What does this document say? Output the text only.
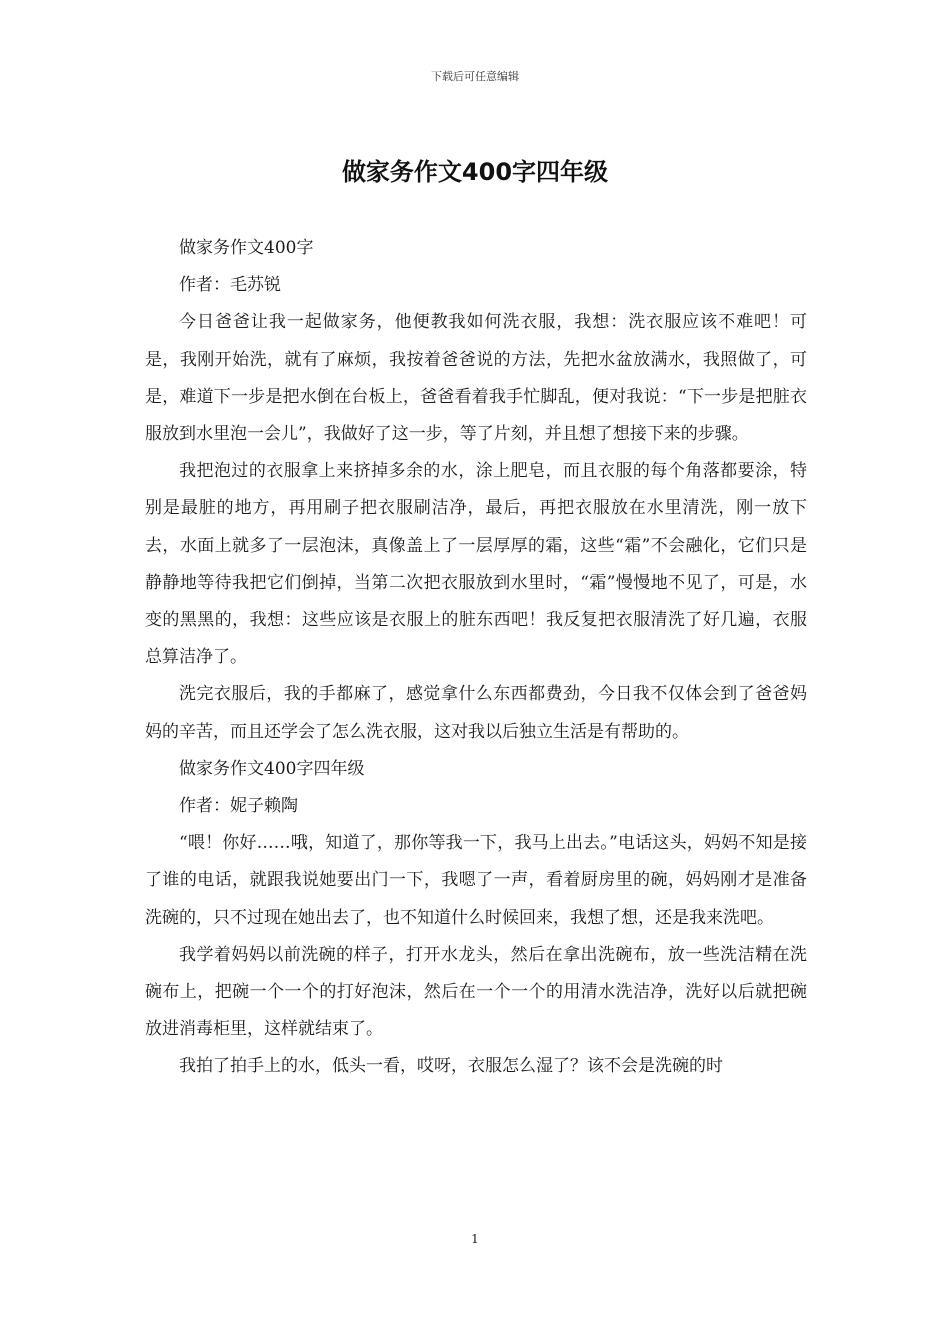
下载后可任意编辑
做家务作文400字四年级

做家务作文400字

作者：毛苏锐

今日爸爸让我一起做家务，他便教我如何洗衣服，我想：洗衣服应该不难吧！可是，我刚开始洗，就有了麻烦，我按着爸爸说的方法，先把水盆放满水，我照做了，可是，难道下一步是把水倒在台板上，爸爸看着我手忙脚乱，便对我说：“下一步是把脏衣服放到水里泡一会儿”，我做好了这一步，等了片刻，并且想了想接下来的步骤。

我把泡过的衣服拿上来挤掉多余的水，涂上肥皂，而且衣服的每个角落都要涂，特别是最脏的地方，再用刷子把衣服刷洁净，最后，再把衣服放在水里清洗，刚一放下去，水面上就多了一层泡沫，真像盖上了一层厚厚的霜，这些“霜”不会融化，它们只是静静地等待我把它们倒掉，当第二次把衣服放到水里时，“霜”慢慢地不见了，可是，水变的黑黑的，我想：这些应该是衣服上的脏东西吧！我反复把衣服清洗了好几遍，衣服总算洁净了。

洗完衣服后，我的手都麻了，感觉拿什么东西都费劲，今日我不仅体会到了爸爸妈妈的辛苦，而且还学会了怎么洗衣服，这对我以后独立生活是有帮助的。

做家务作文400字四年级

作者：妮子赖陶

“喂！你好……哦，知道了，那你等我一下，我马上出去。”电话这头，妈妈不知是接了谁的电话，就跟我说她要出门一下，我嗯了一声，看着厨房里的碗，妈妈刚才是准备洗碗的，只不过现在她出去了，也不知道什么时候回来，我想了想，还是我来洗吧。

我学着妈妈以前洗碗的样子，打开水龙头，然后在拿出洗碗布，放一些洗洁精在洗碗布上，把碗一个一个的打好泡沫，然后在一个一个的用清水洗洁净，洗好以后就把碗放进消毒柜里，这样就结束了。

我拍了拍手上的水，低头一看，哎呀，衣服怎么湿了？该不会是洗碗的时

1
